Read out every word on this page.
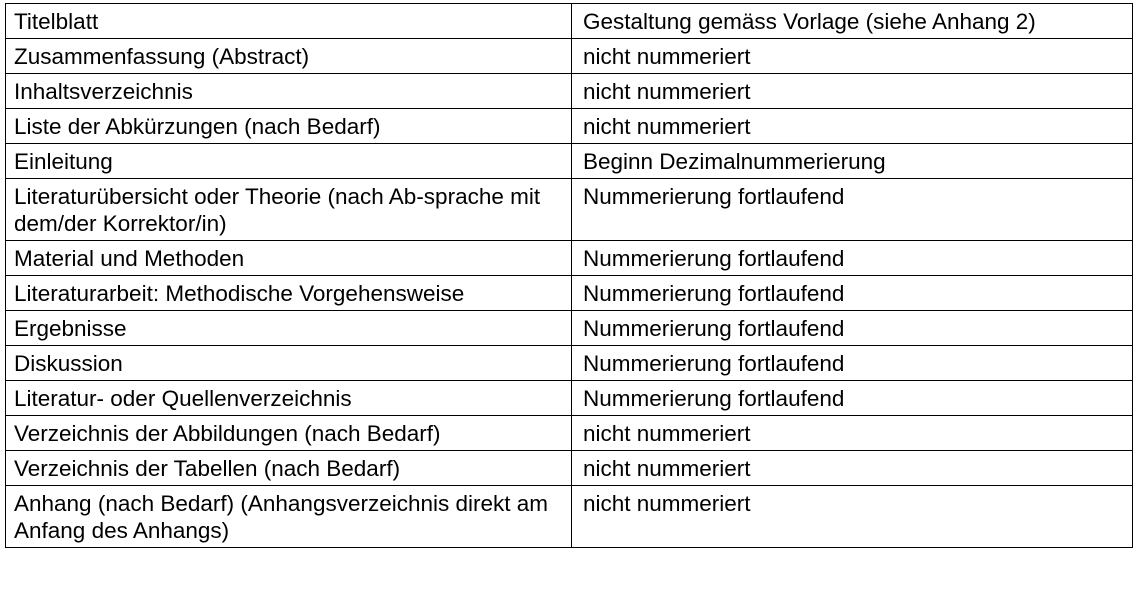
Titelblatt	Gestaltung gemäss Vorlage (siehe Anhang 2)
Zusammenfassung (Abstract)	nicht nummeriert
Inhaltsverzeichnis	nicht nummeriert
Liste der Abkürzungen (nach Bedarf)	nicht nummeriert
Einleitung	Beginn Dezimalnummerierung
Literaturübersicht oder Theorie (nach Ab-sprache mit dem/der Korrektor/in)	Nummerierung fortlaufend
Material und Methoden	Nummerierung fortlaufend
Literaturarbeit: Methodische Vorgehensweise	Nummerierung fortlaufend
Ergebnisse	Nummerierung fortlaufend
Diskussion	Nummerierung fortlaufend
Literatur- oder Quellenverzeichnis	Nummerierung fortlaufend
Verzeichnis der Abbildungen (nach Bedarf)	nicht nummeriert
Verzeichnis der Tabellen (nach Bedarf)	nicht nummeriert
Anhang (nach Bedarf) (Anhangsverzeichnis direkt am Anfang des Anhangs)	nicht nummeriert
